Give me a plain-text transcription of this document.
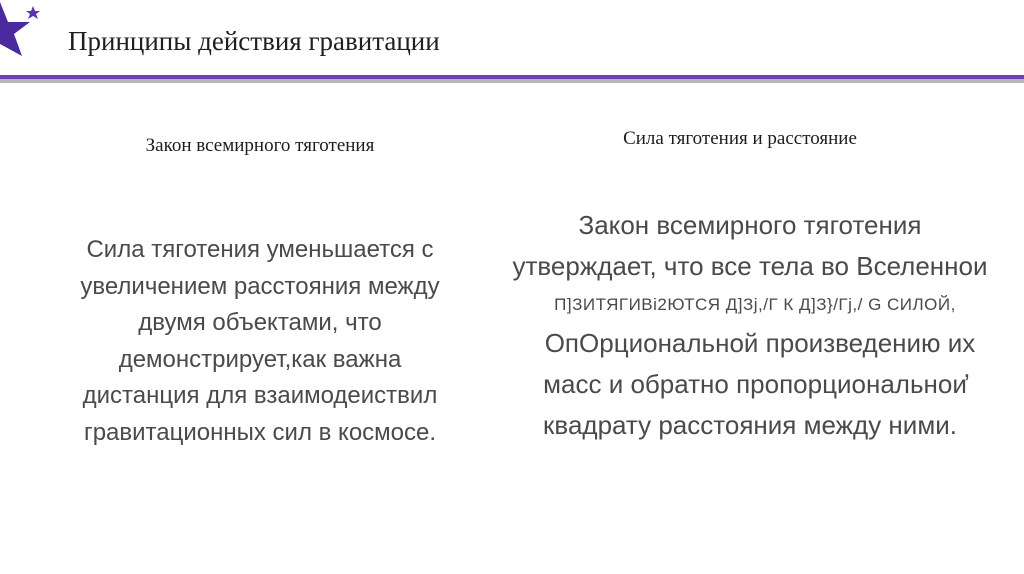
Принципы действия гравитации
Закон всемирного тяготения	Сила тяготения и расстояние
Сила тяготения уменьшается с
увеличением расстояния между
двумя объектами, что
демонстрирует,как важна
дистанция для взаимодеиствил
гравитационных сил в космосе.
Закон всемирного тяготения
утверждает, что все тела во Вселеннои
П]ЗИТЯГИВi2ЮТСЯ Д]Зj,/Г К Д]З}/Гj,/ G СИЛОЙ,
ОпОрциональной произведению их
масс и обратно пропорциональнои̓
квадрату расстояния между ними.
